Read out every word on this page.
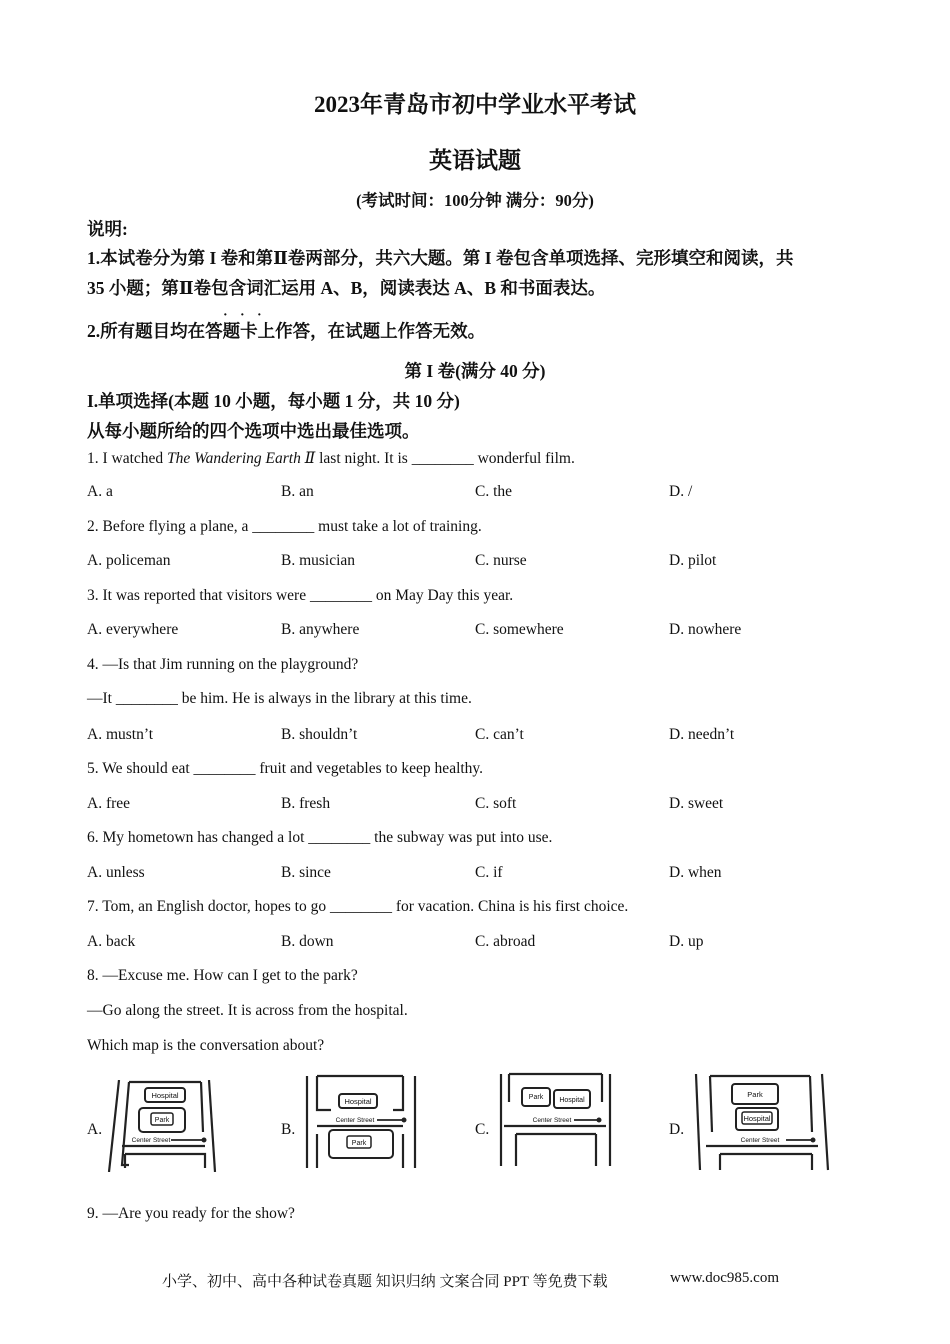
2023年青岛市初中学业水平考试
英语试题
(考试时间：100分钟 满分：90分)
说明:
1.本试卷分为第 I 卷和第Ⅱ卷两部分，共六大题。第 I 卷包含单项选择、完形填空和阅读，共
35 小题；第Ⅱ卷包含词汇运用 A、B，阅读表达 A、B 和书面表达。
· · ·
2.所有题目均在答题卡上作答，在试题上作答无效。
第 I 卷(满分 40 分)
I.单项选择(本题 10 小题，每小题 1 分，共 10 分)
从每小题所给的四个选项中选出最佳选项。
1. I watched The Wandering Earth Ⅱ last night. It is ________ wonderful film.
A. a	B. an	C. the	D. /
2. Before flying a plane, a ________ must take a lot of training.
A. policeman	B. musician	C. nurse	D. pilot
3. It was reported that visitors were ________ on May Day this year.
A. everywhere	B. anywhere	C. somewhere	D. nowhere
4. —Is that Jim running on the playground?
—It ________ be him. He is always in the library at this time.
A. mustn’t	B. shouldn’t	C. can’t	D. needn’t
5. We should eat ________ fruit and vegetables to keep healthy.
A. free	B. fresh	C. soft	D. sweet
6. My hometown has changed a lot ________ the subway was put into use.
A. unless	B. since	C. if	D. when
7. Tom, an English doctor, hopes to go ________ for vacation. China is his first choice.
A. back	B. down	C. abroad	D. up
8. —Excuse me. How can I get to the park?
—Go along the street. It is across from the hospital.
Which map is the conversation about?
A.	B.	C.	D.
Hospital
Park
Center Street
Hospital
Center Street
Park
Park Hospital
Center Street
Park
Hospital
Center Street
9. —Are you ready for the show?
小学、初中、高中各种试卷真题 知识归纳 文案合同 PPT 等免费下载	www.doc985.com
